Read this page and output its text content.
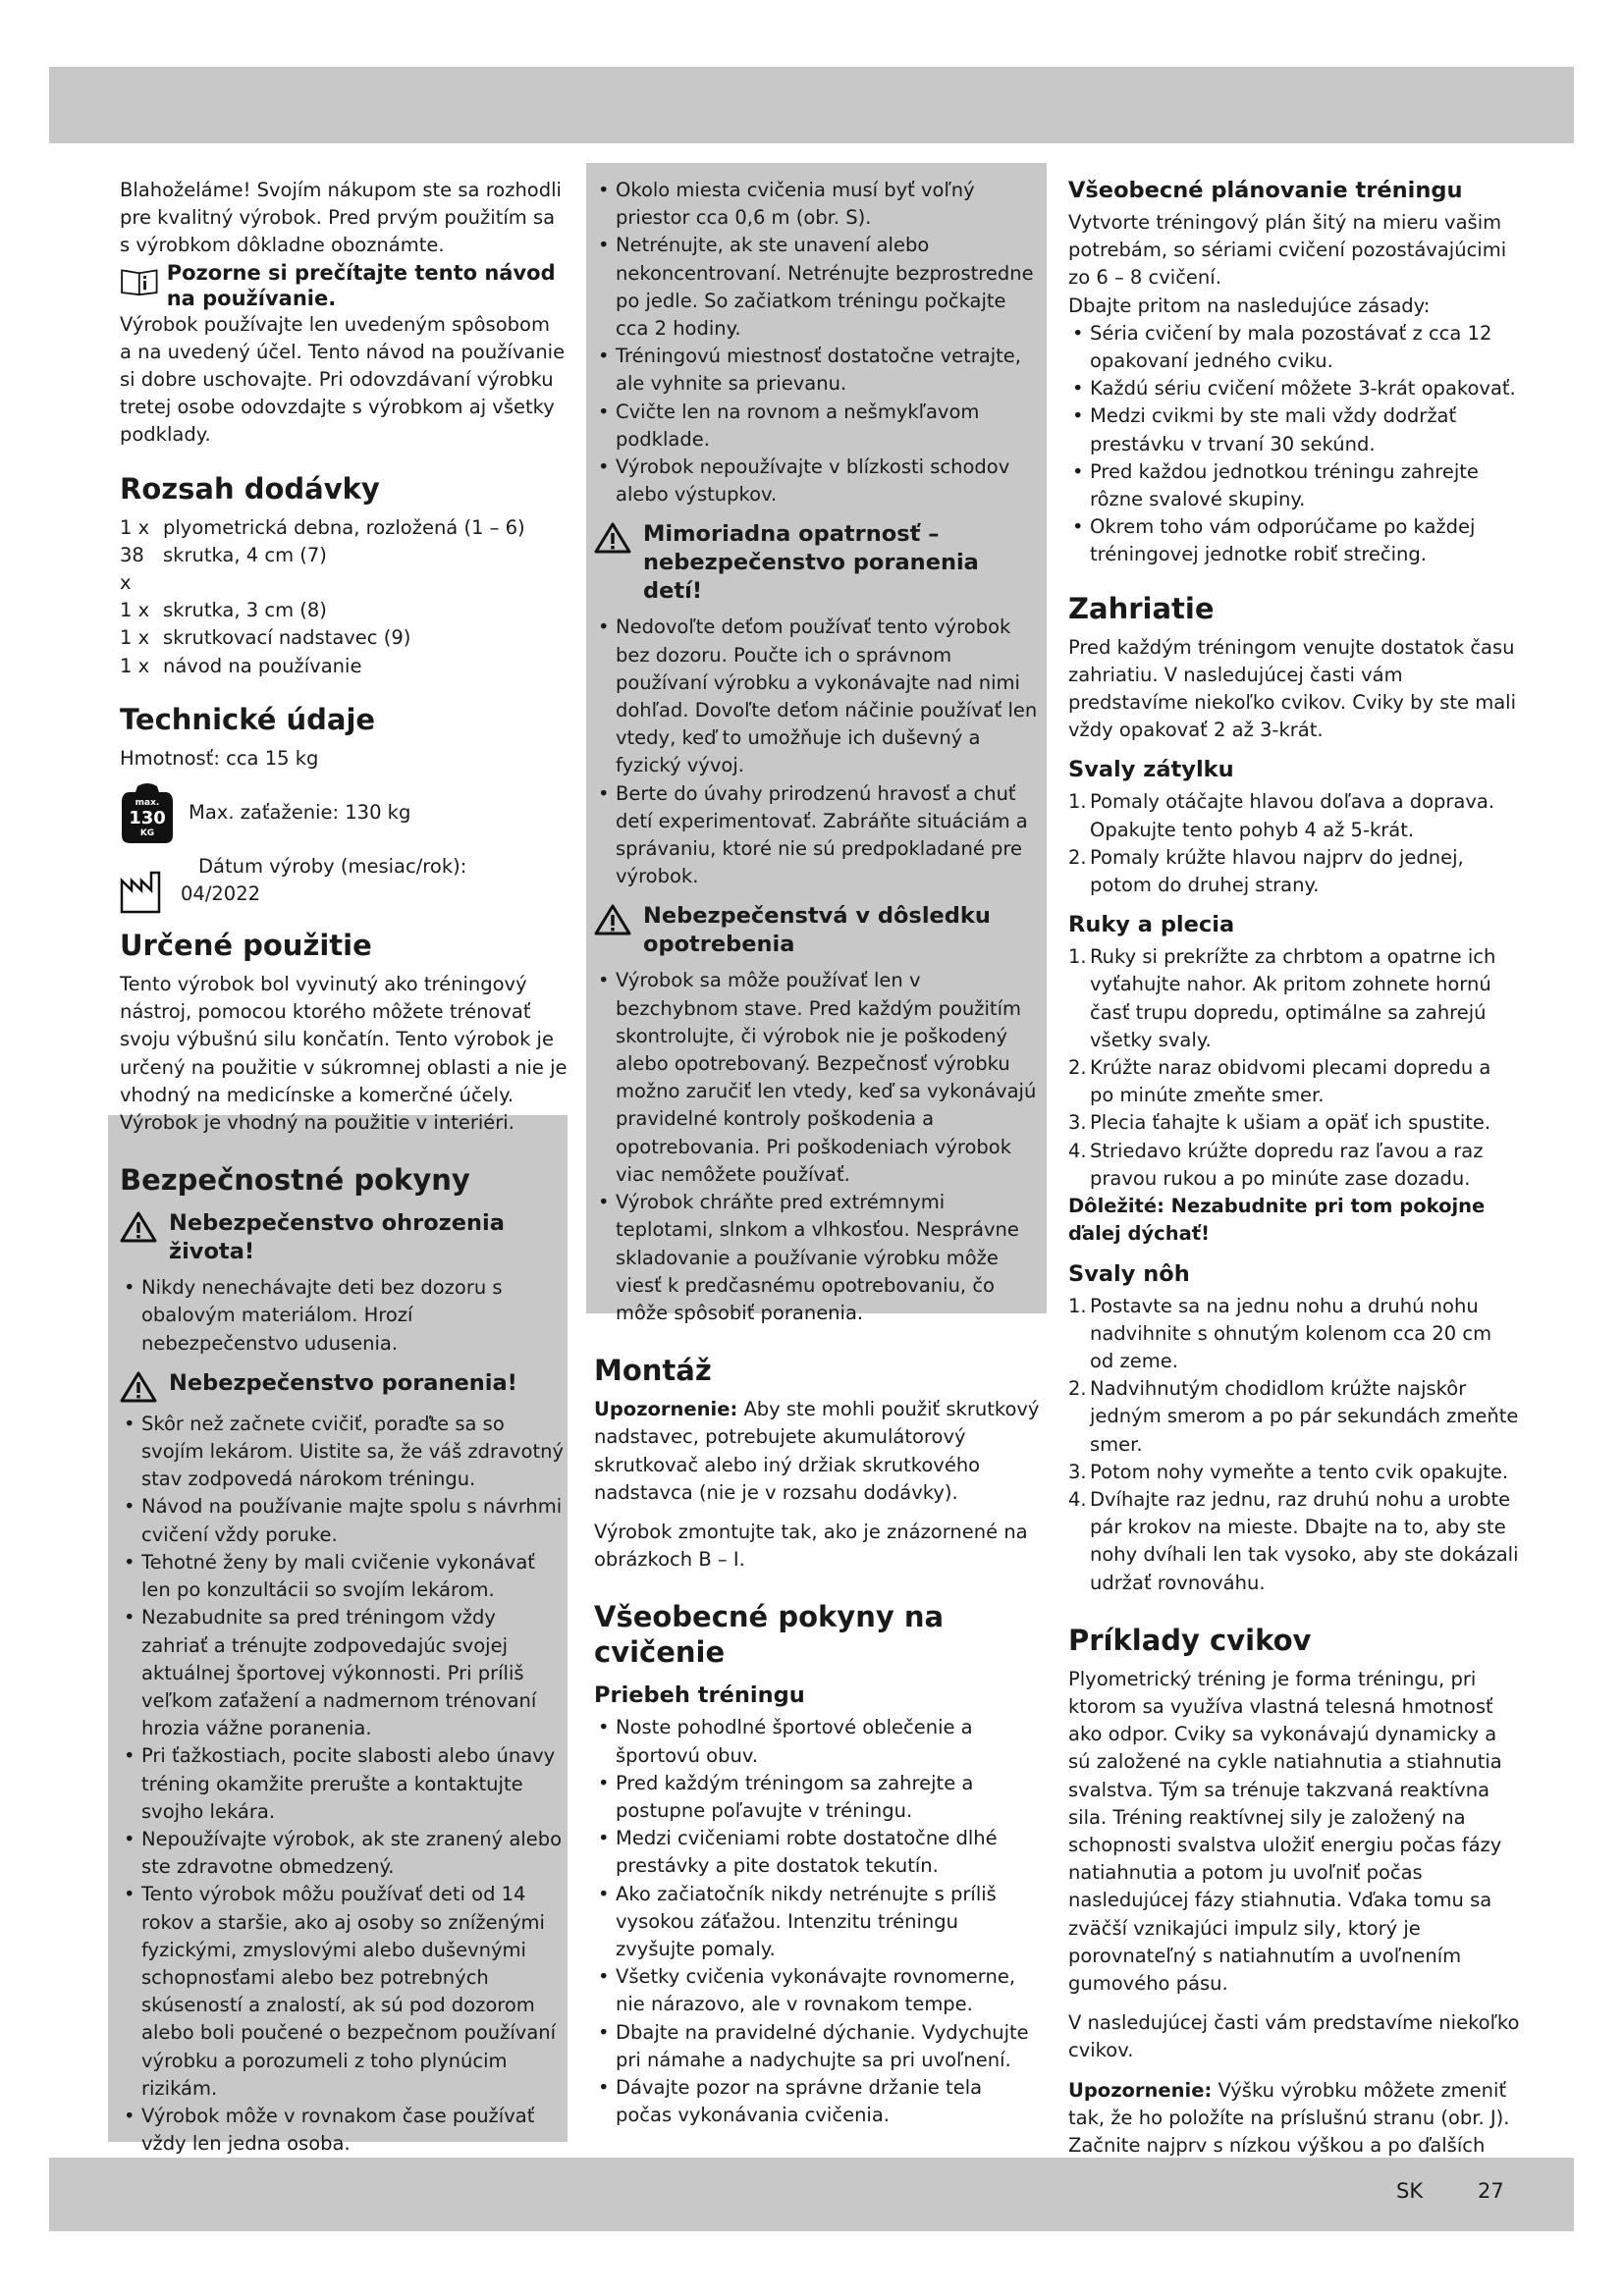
Blahoželáme! Svojím nákupom ste sa rozhodli pre kvalitný výrobok. Pred prvým použitím sa s výrobkom dôkladne oboznámte.

Pozorne si prečítajte tento návod na používanie.

Výrobok používajte len uvedeným spôsobom a na uvedený účel. Tento návod na používanie si dobre uschovajte. Pri odovzdávaní výrobku tretej osobe odovzdajte s výrobkom aj všetky podklady.

Rozsah dodávky

1 x plyometrická debna, rozložená (1 – 6)

38 x

skrutka, 4 cm (7)

1 x skrutka, 3 cm (8)

1 x skrutkovací nadstavec (9)

1 x návod na používanie

Technické údaje

Hmotnosť: cca 15 kg

max.
130
KG

Max. zaťaženie: 130 kg

Dátum výroby (mesiac/rok):

04/2022

Určené použitie

Tento výrobok bol vyvinutý ako tréningový nástroj, pomocou ktorého môžete trénovať svoju výbušnú silu končatín. Tento výrobok je určený na použitie v súkromnej oblasti a nie je vhodný na medicínske a komerčné účely. Výrobok je vhodný na použitie v interiéri.

Bezpečnostné pokyny
Nebezpečenstvo ohrozenia života!
• Nikdy nenechávajte deti bez dozoru s obalovým materiálom. Hrozí nebezpečenstvo udusenia.
Nebezpečenstvo poranenia!
• Skôr než začnete cvičiť, poraďte sa so svojím lekárom. Uistite sa, že váš zdravotný stav zodpovedá nárokom tréningu.
• Návod na používanie majte spolu s návrhmi cvičení vždy poruke.
• Tehotné ženy by mali cvičenie vykonávať len po konzultácii so svojím lekárom.
• Nezabudnite sa pred tréningom vždy zahriať a trénujte zodpovedajúc svojej aktuálnej športovej výkonnosti. Pri príliš veľkom zaťažení a nadmernom trénovaní hrozia vážne poranenia.
• Pri ťažkostiach, pocite slabosti alebo únavy tréning okamžite prerušte a kontaktujte svojho lekára.
• Nepoužívajte výrobok, ak ste zranený alebo ste zdravotne obmedzený.
• Tento výrobok môžu používať deti od 14 rokov a staršie, ako aj osoby so zníženými fyzickými, zmyslovými alebo duševnými schopnosťami alebo bez potrebných skúseností a znalostí, ak sú pod dozorom alebo boli poučené o bezpečnom používaní výrobku a porozumeli z toho plynúcim rizikám.
• Výrobok môže v rovnakom čase používať vždy len jedna osoba.
• Okolo miesta cvičenia musí byť voľný priestor cca 0,6 m (obr. S).
• Netrénujte, ak ste unavení alebo nekoncentrovaní. Netrénujte bezprostredne po jedle. So začiatkom tréningu počkajte cca 2 hodiny.
• Tréningovú miestnosť dostatočne vetrajte, ale vyhnite sa prievanu.
• Cvičte len na rovnom a nešmykľavom podklade.
• Výrobok nepoužívajte v blízkosti schodov alebo výstupkov.
Mimoriadna opatrnosť – nebezpečenstvo poranenia detí!
• Nedovoľte deťom používať tento výrobok bez dozoru. Poučte ich o správnom používaní výrobku a vykonávajte nad nimi dohľad. Dovoľte deťom náčinie používať len vtedy, keď to umožňuje ich duševný a fyzický vývoj.
• Berte do úvahy prirodzenú hravosť a chuť detí experimentovať. Zabráňte situáciám a správaniu, ktoré nie sú predpokladané pre výrobok.
Nebezpečenstvá v dôsledku opotrebenia
• Výrobok sa môže používať len v bezchybnom stave. Pred každým použitím skontrolujte, či výrobok nie je poškodený alebo opotrebovaný. Bezpečnosť výrobku možno zaručiť len vtedy, keď sa vykonávajú pravidelné kontroly poškodenia a opotrebovania. Pri poškodeniach výrobok viac nemôžete používať.
• Výrobok chráňte pred extrémnymi teplotami, slnkom a vlhkosťou. Nesprávne skladovanie a používanie výrobku môže viesť k predčasnému opotrebovaniu, čo môže spôsobiť poranenia.
Montáž

Upozornenie: Aby ste mohli použiť skrutkový nadstavec, potrebujete akumulátorový skrutkovač alebo iný držiak skrutkového nadstavca (nie je v rozsahu dodávky).

Výrobok zmontujte tak, ako je znázornené na obrázkoch B – I.

Všeobecné pokyny na cvičenie
Priebeh tréningu
• Noste pohodlné športové oblečenie a športovú obuv.
• Pred každým tréningom sa zahrejte a postupne poľavujte v tréningu.
• Medzi cvičeniami robte dostatočne dlhé prestávky a pite dostatok tekutín.
• Ako začiatočník nikdy netrénujte s príliš vysokou záťažou. Intenzitu tréningu zvyšujte pomaly.
• Všetky cvičenia vykonávajte rovnomerne, nie nárazovo, ale v rovnakom tempe.
• Dbajte na pravidelné dýchanie. Vydychujte pri námahe a nadychujte sa pri uvoľnení.
• Dávajte pozor na správne držanie tela počas vykonávania cvičenia.
Všeobecné plánovanie tréningu

Vytvorte tréningový plán šitý na mieru vašim potrebám, so sériami cvičení pozostávajúcimi zo 6 – 8 cvičení.

Dbajte pritom na nasledujúce zásady:

• Séria cvičení by mala pozostávať z cca 12 opakovaní jedného cviku.
• Každú sériu cvičení môžete 3-krát opakovať.
• Medzi cvikmi by ste mali vždy dodržať prestávku v trvaní 30 sekúnd.
• Pred každou jednotkou tréningu zahrejte rôzne svalové skupiny.
• Okrem toho vám odporúčame po každej tréningovej jednotke robiť strečing.
Zahriatie

Pred každým tréningom venujte dostatok času zahriatiu. V nasledujúcej časti vám predstavíme niekoľko cvikov. Cviky by ste mali vždy opakovať 2 až 3-krát.

Svaly zátylku
1. Pomaly otáčajte hlavou doľava a doprava. Opakujte tento pohyb 4 až 5-krát.
2. Pomaly krúžte hlavou najprv do jednej, potom do druhej strany.
Ruky a plecia
1. Ruky si prekrížte za chrbtom a opatrne ich vyťahujte nahor. Ak pritom zohnete hornú časť trupu dopredu, optimálne sa zahrejú všetky svaly.
2. Krúžte naraz obidvomi plecami dopredu a po minúte zmeňte smer.
3. Plecia ťahajte k ušiam a opäť ich spustite.
4. Striedavo krúžte dopredu raz ľavou a raz pravou rukou a po minúte zase dozadu.

Dôležité: Nezabudnite pri tom pokojne ďalej dýchať!

Svaly nôh
1. Postavte sa na jednu nohu a druhú nohu nadvihnite s ohnutým kolenom cca 20 cm od zeme.
2. Nadvihnutým chodidlom krúžte najskôr jedným smerom a po pár sekundách zmeňte smer.
3. Potom nohy vymeňte a tento cvik opakujte.
4. Dvíhajte raz jednu, raz druhú nohu a urobte pár krokov na mieste. Dbajte na to, aby ste nohy dvíhali len tak vysoko, aby ste dokázali udržať rovnováhu.
Príklady cvikov

Plyometrický tréning je forma tréningu, pri ktorom sa využíva vlastná telesná hmotnosť ako odpor. Cviky sa vykonávajú dynamicky a sú založené na cykle natiahnutia a stiahnutia svalstva. Tým sa trénuje takzvaná reaktívna sila. Tréning reaktívnej sily je založený na schopnosti svalstva uložiť energiu počas fázy natiahnutia a potom ju uvoľniť počas nasledujúcej fázy stiahnutia. Vďaka tomu sa zväčší vznikajúci impulz sily, ktorý je porovnateľný s natiahnutím a uvoľnením gumového pásu.

V nasledujúcej časti vám predstavíme niekoľko cvikov.

Upozornenie: Výšku výrobku môžete zmeniť tak, že ho položíte na príslušnú stranu (obr. J). Začnite najprv s nízkou výškou a po ďalších

SK	27
